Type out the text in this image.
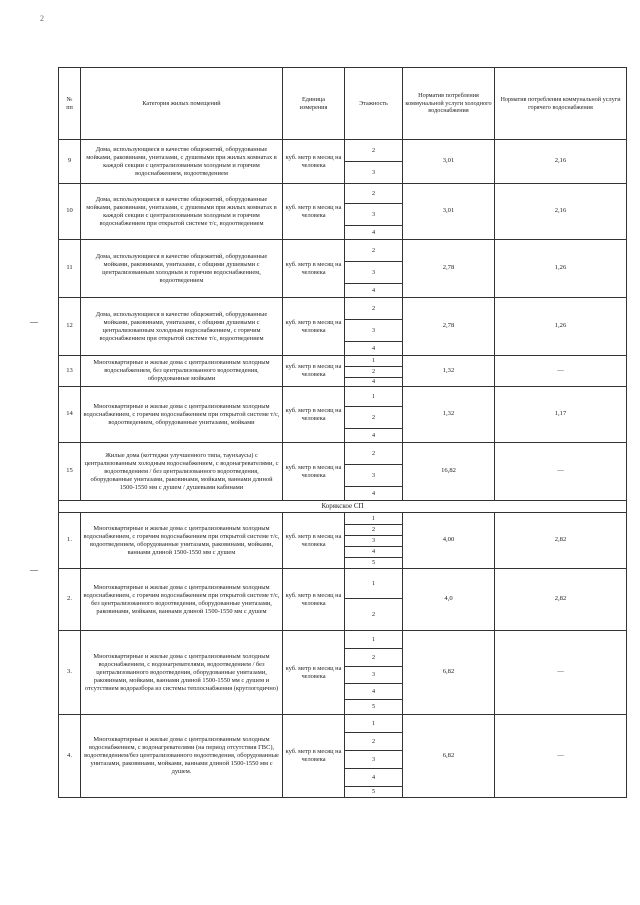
2
№
пп	Категория жилых помещений	Единица
измерения	Этажность	Норматив потребления коммунальной услуги холодного водоснабжения	Норматив потребления коммунальной услуги горячего водоснабжения
9	Дома, использующиеся в качестве общежитий, оборудованные мойками, раковинами, унитазами, с душевыми при жилых комнатах в каждой секции с централизованным холодным и горячим водоснабжением, водоотведением	куб. метр в месяц на человека	2	3,01	2,16
			3		
10	Дома, использующиеся в качестве общежитий, оборудованные мойками, раковинами, унитазами, с душевыми при жилых комнатах в каждой секции с централизованным холодным и горячим водоснабжением при открытой системе т/с, водоотведением	куб. метр в месяц на человека	2	3,01	2,16
			3		
			4		
11	Дома, использующиеся в качестве общежитий, оборудованные мойками, раковинами, унитазами, с общими душевыми с централизованным холодным и горячим водоснабжением, водоотведением	куб. метр в месяц на человека	2	2,78	1,26
			3		
			4		
12	Дома, использующиеся в качестве общежитий, оборудованные мойками, раковинами, унитазами, с общими душевыми с централизованным холодным водоснабжением, с горячим водоснабжением при открытой системе т/с, водоотведением	куб. метр в месяц на человека	2	2,78	1,26
			3		
			4		
13	Многоквартирные и жилые дома с централизованным холодным водоснабжением, без централизованного водоотведения, оборудованные мойками	куб. метр в месяц на человека	1	1,32	—
			2		
			4		
14	Многоквартирные и жилые дома с централизованным холодным водоснабжением, с горячим водоснабжением при открытой системе т/с, водоотведением, оборудованные унитазами, мойками	куб. метр в месяц на человека	1	1,32	1,17
			2		
			4		
15	Жилые дома (коттеджи улучшенного типа, таунхаусы) с централизованным холодным водоснабжением, с водонагревателями, с водоотведением / без централизованного водоотведения, оборудованные унитазами, раковинами, мойками, ваннами длиной 1500-1550 мм с душем / душевыми кабинами	куб. метр в месяц на человека	2	16,82	—
			3		
			4		
Корякское СП					
1.	Многоквартирные и жилые дома с централизованным холодным водоснабжением, с горячим водоснабжением при открытой системе т/с, водоотведением, оборудованные унитазами, раковинами, мойками, ваннами длиной 1500-1550 мм с душем	куб. метр в месяц на человека	1	4,00	2,82
			2		
			3		
			4		
			5		
2.	Многоквартирные и жилые дома с централизованным холодным водоснабжением, с горячим водоснабжением при открытой системе т/с, без централизованного водоотведения, оборудованные унитазами, раковинами, мойками, ваннами длиной 1500-1550 мм с душем	куб. метр в месяц на человека	1	4,0	2,82
			2		
3.	Многоквартирные и жилые дома с централизованным холодным водоснабжением, с водонагревателями, водоотведением / без централизованного водоотведения, оборудованные унитазами, раковинами, мойками, ваннами длиной 1500-1550 мм с душем и отсутствием водоразбора из системы теплоснабжения (круглогодично)	куб. метр в месяц на человека	1	6,82	—
			2		
			3		
			4		
			5		
4.	Многоквартирные и жилые дома с централизованным холодным водоснабжением, с водонагревателями (на период отсутствия ГВС), водоотведением/без централизованного водоотведения, оборудованные унитазами, раковинами, мойками, ваннами длиной 1500-1550 мм с душем.	куб. метр в месяц на человека	1	6,82	—
			2		
			3		
			4		
			5		
